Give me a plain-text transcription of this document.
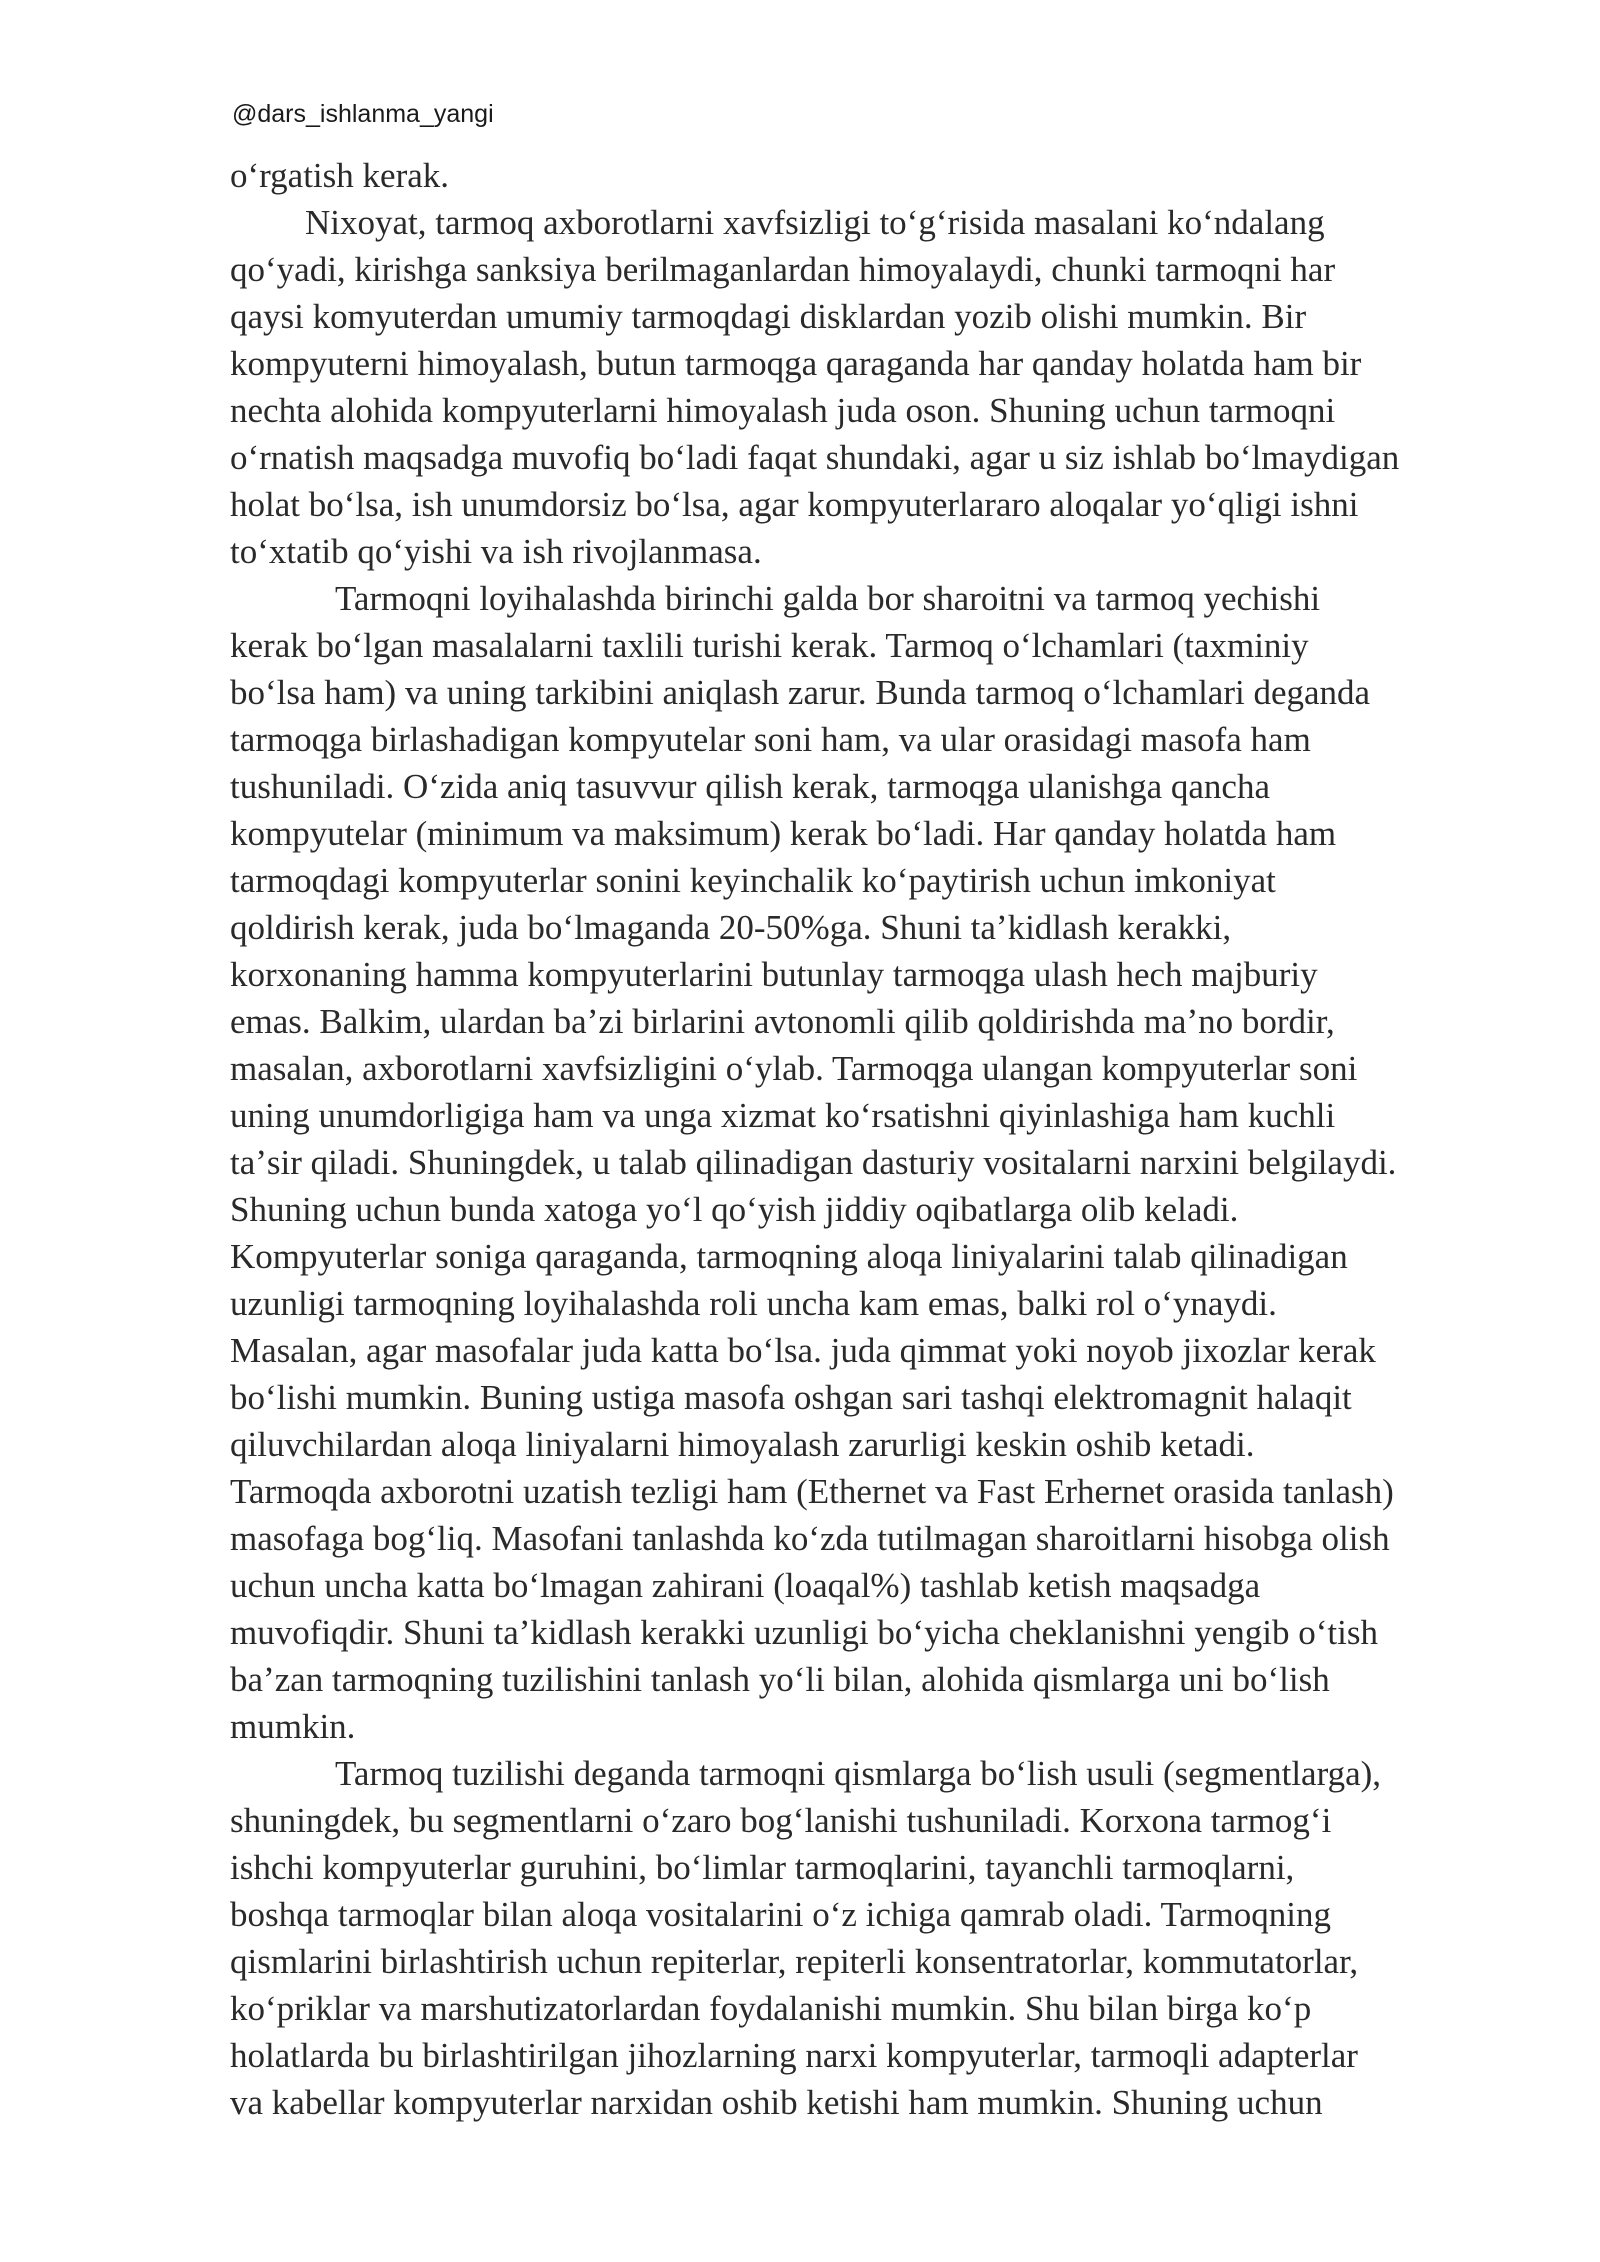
@dars_ishlanma_yangi
oʻrgatish kerak.
Nixoyat, tarmoq axborotlarni xavfsizligi toʻgʻrisida masalani koʻndalang
qoʻyadi, kirishga sanksiya berilmaganlardan himoyalaydi, chunki tarmoqni har
qaysi komyuterdan umumiy tarmoqdagi disklardan yozib olishi mumkin. Bir
kompyuterni himoyalash, butun tarmoqga qaraganda har qanday holatda ham bir
nechta alohida kompyuterlarni himoyalash juda oson. Shuning uchun tarmoqni
oʻrnatish maqsadga muvofiq boʻladi faqat shundaki, agar u siz ishlab boʻlmaydigan
holat boʻlsa, ish unumdorsiz boʻlsa, agar kompyuterlararo aloqalar yoʻqligi ishni
toʻxtatib qoʻyishi va ish rivojlanmasa.
Tarmoqni loyihalashda birinchi galda bor sharoitni va tarmoq yechishi
kerak boʻlgan masalalarni taxlili turishi kerak. Tarmoq oʻlchamlari (taxminiy
boʻlsa ham) va uning tarkibini aniqlash zarur. Bunda tarmoq oʻlchamlari deganda
tarmoqga birlashadigan kompyutelar soni ham, va ular orasidagi masofa ham
tushuniladi. Oʻzida aniq tasuvvur qilish kerak, tarmoqga ulanishga qancha
kompyutelar (minimum va maksimum) kerak boʻladi. Har qanday holatda ham
tarmoqdagi kompyuterlar sonini keyinchalik koʻpaytirish uchun imkoniyat
qoldirish kerak, juda boʻlmaganda 20-50%ga. Shuni taʼkidlash kerakki,
korxonaning hamma kompyuterlarini butunlay tarmoqga ulash hech majburiy
emas. Balkim, ulardan baʼzi birlarini avtonomli qilib qoldirishda maʼno bordir,
masalan, axborotlarni xavfsizligini oʻylab. Tarmoqga ulangan kompyuterlar soni
uning unumdorligiga ham va unga xizmat koʻrsatishni qiyinlashiga ham kuchli
taʼsir qiladi. Shuningdek, u talab qilinadigan dasturiy vositalarni narxini belgilaydi.
Shuning uchun bunda xatoga yoʻl qoʻyish jiddiy oqibatlarga olib keladi.
Kompyuterlar soniga qaraganda, tarmoqning aloqa liniyalarini talab qilinadigan
uzunligi tarmoqning loyihalashda roli uncha kam emas, balki rol oʻynaydi.
Masalan, agar masofalar juda katta boʻlsa. juda qimmat yoki noyob jixozlar kerak
boʻlishi mumkin. Buning ustiga masofa oshgan sari tashqi elektromagnit halaqit
qiluvchilardan aloqa liniyalarni himoyalash zarurligi keskin oshib ketadi.
Tarmoqda axborotni uzatish tezligi ham (Ethernet va Fast Erhernet orasida tanlash)
masofaga bogʻliq. Masofani tanlashda koʻzda tutilmagan sharoitlarni hisobga olish
uchun uncha katta boʻlmagan zahirani (loaqal%) tashlab ketish maqsadga
muvofiqdir. Shuni taʼkidlash kerakki uzunligi boʻyicha cheklanishni yengib oʻtish
baʼzan tarmoqning tuzilishini tanlash yoʻli bilan, alohida qismlarga uni boʻlish
mumkin.
Tarmoq tuzilishi deganda tarmoqni qismlarga boʻlish usuli (segmentlarga),
shuningdek, bu segmentlarni oʻzaro bogʻlanishi tushuniladi. Korxona tarmogʻi
ishchi kompyuterlar guruhini, boʻlimlar tarmoqlarini, tayanchli tarmoqlarni,
boshqa tarmoqlar bilan aloqa vositalarini oʻz ichiga qamrab oladi. Tarmoqning
qismlarini birlashtirish uchun repiterlar, repiterli konsentratorlar, kommutatorlar,
koʻpriklar va marshutizatorlardan foydalanishi mumkin. Shu bilan birga koʻp
holatlarda bu birlashtirilgan jihozlarning narxi kompyuterlar, tarmoqli adapterlar
va kabellar kompyuterlar narxidan oshib ketishi ham mumkin. Shuning uchun
